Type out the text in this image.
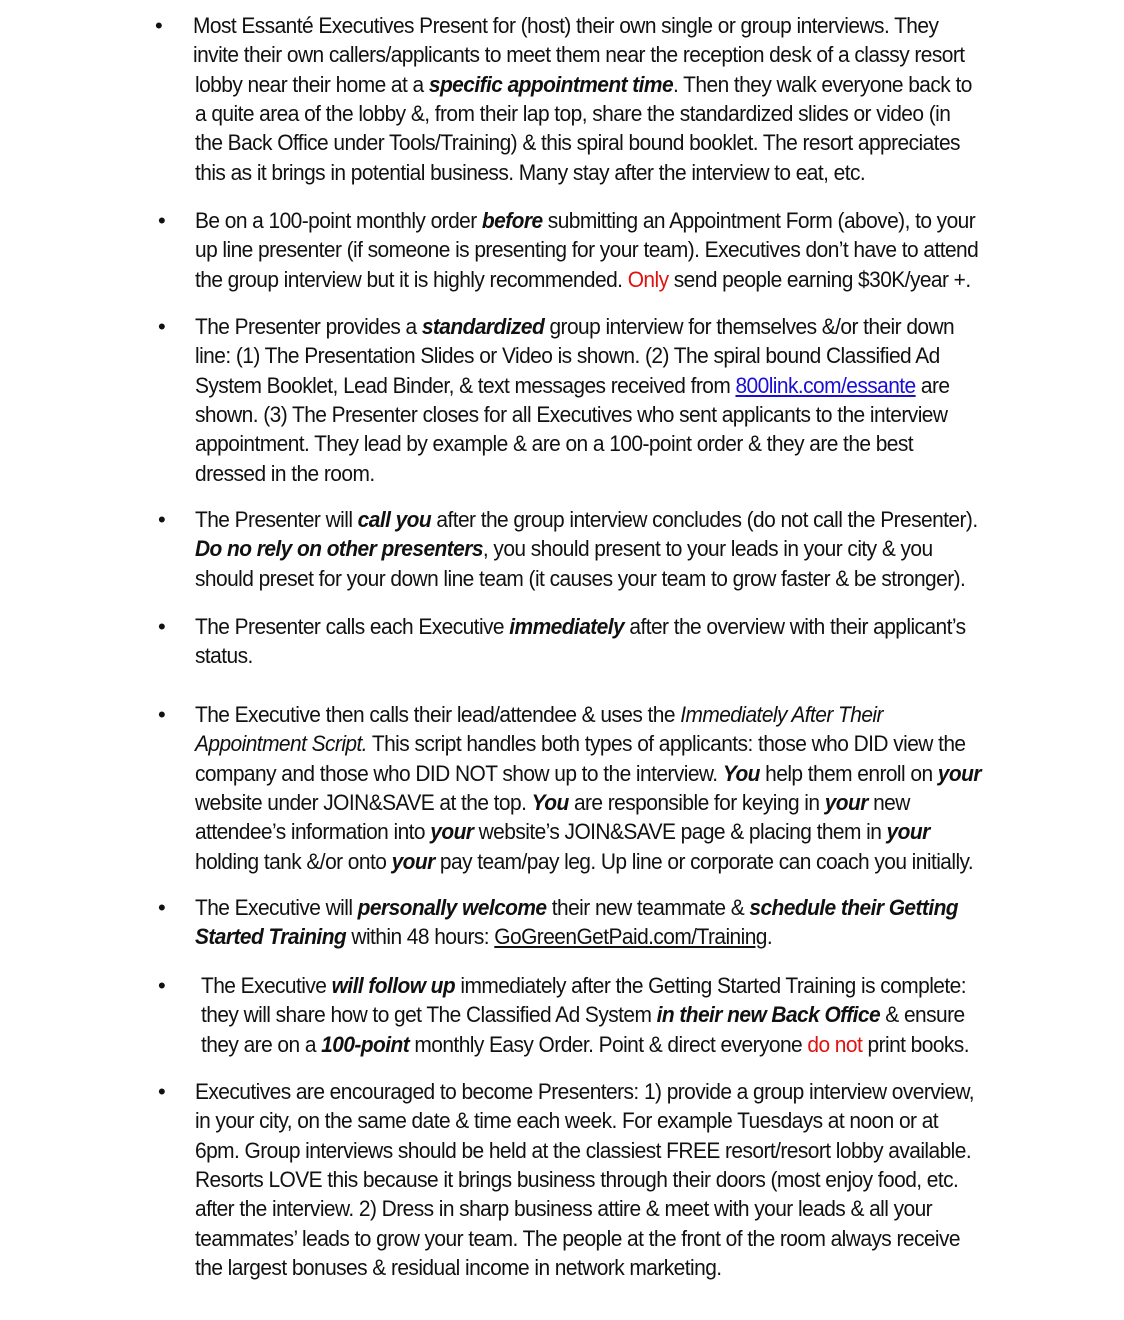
• Most Essanté Executives Present for (host) their own single or group interviews. They
invite their own callers/applicants to meet them near the reception desk of a classy resort
lobby near their home at a specific appointment time. Then they walk everyone back to
a quite area of the lobby &, from their lap top, share the standardized slides or video (in
the Back Office under Tools/Training) & this spiral bound booklet. The resort appreciates
this as it brings in potential business. Many stay after the interview to eat, etc.
• Be on a 100-point monthly order before submitting an Appointment Form (above), to your
up line presenter (if someone is presenting for your team). Executives don’t have to attend
the group interview but it is highly recommended. Only send people earning $30K/year +.
• The Presenter provides a standardized group interview for themselves &/or their down
line: (1) The Presentation Slides or Video is shown. (2) The spiral bound Classified Ad
System Booklet, Lead Binder, & text messages received from 800link.com/essante are
shown. (3) The Presenter closes for all Executives who sent applicants to the interview
appointment. They lead by example & are on a 100-point order & they are the best
dressed in the room.
• The Presenter will call you after the group interview concludes (do not call the Presenter).
Do no rely on other presenters, you should present to your leads in your city & you
should preset for your down line team (it causes your team to grow faster & be stronger).
• The Presenter calls each Executive immediately after the overview with their applicant’s
status.
• The Executive then calls their lead/attendee & uses the Immediately After Their
Appointment Script. This script handles both types of applicants: those who DID view the
company and those who DID NOT show up to the interview. You help them enroll on your
website under JOIN&SAVE at the top. You are responsible for keying in your new
attendee’s information into your website’s JOIN&SAVE page & placing them in your
holding tank &/or onto your pay team/pay leg. Up line or corporate can coach you initially.
• The Executive will personally welcome their new teammate & schedule their Getting
Started Training within 48 hours: GoGreenGetPaid.com/Training.
• The Executive will follow up immediately after the Getting Started Training is complete:
they will share how to get The Classified Ad System in their new Back Office & ensure
they are on a 100-point monthly Easy Order. Point & direct everyone do not print books.
• Executives are encouraged to become Presenters: 1) provide a group interview overview,
in your city, on the same date & time each week. For example Tuesdays at noon or at
6pm. Group interviews should be held at the classiest FREE resort/resort lobby available.
Resorts LOVE this because it brings business through their doors (most enjoy food, etc.
after the interview. 2) Dress in sharp business attire & meet with your leads & all your
teammates’ leads to grow your team. The people at the front of the room always receive
the largest bonuses & residual income in network marketing.
